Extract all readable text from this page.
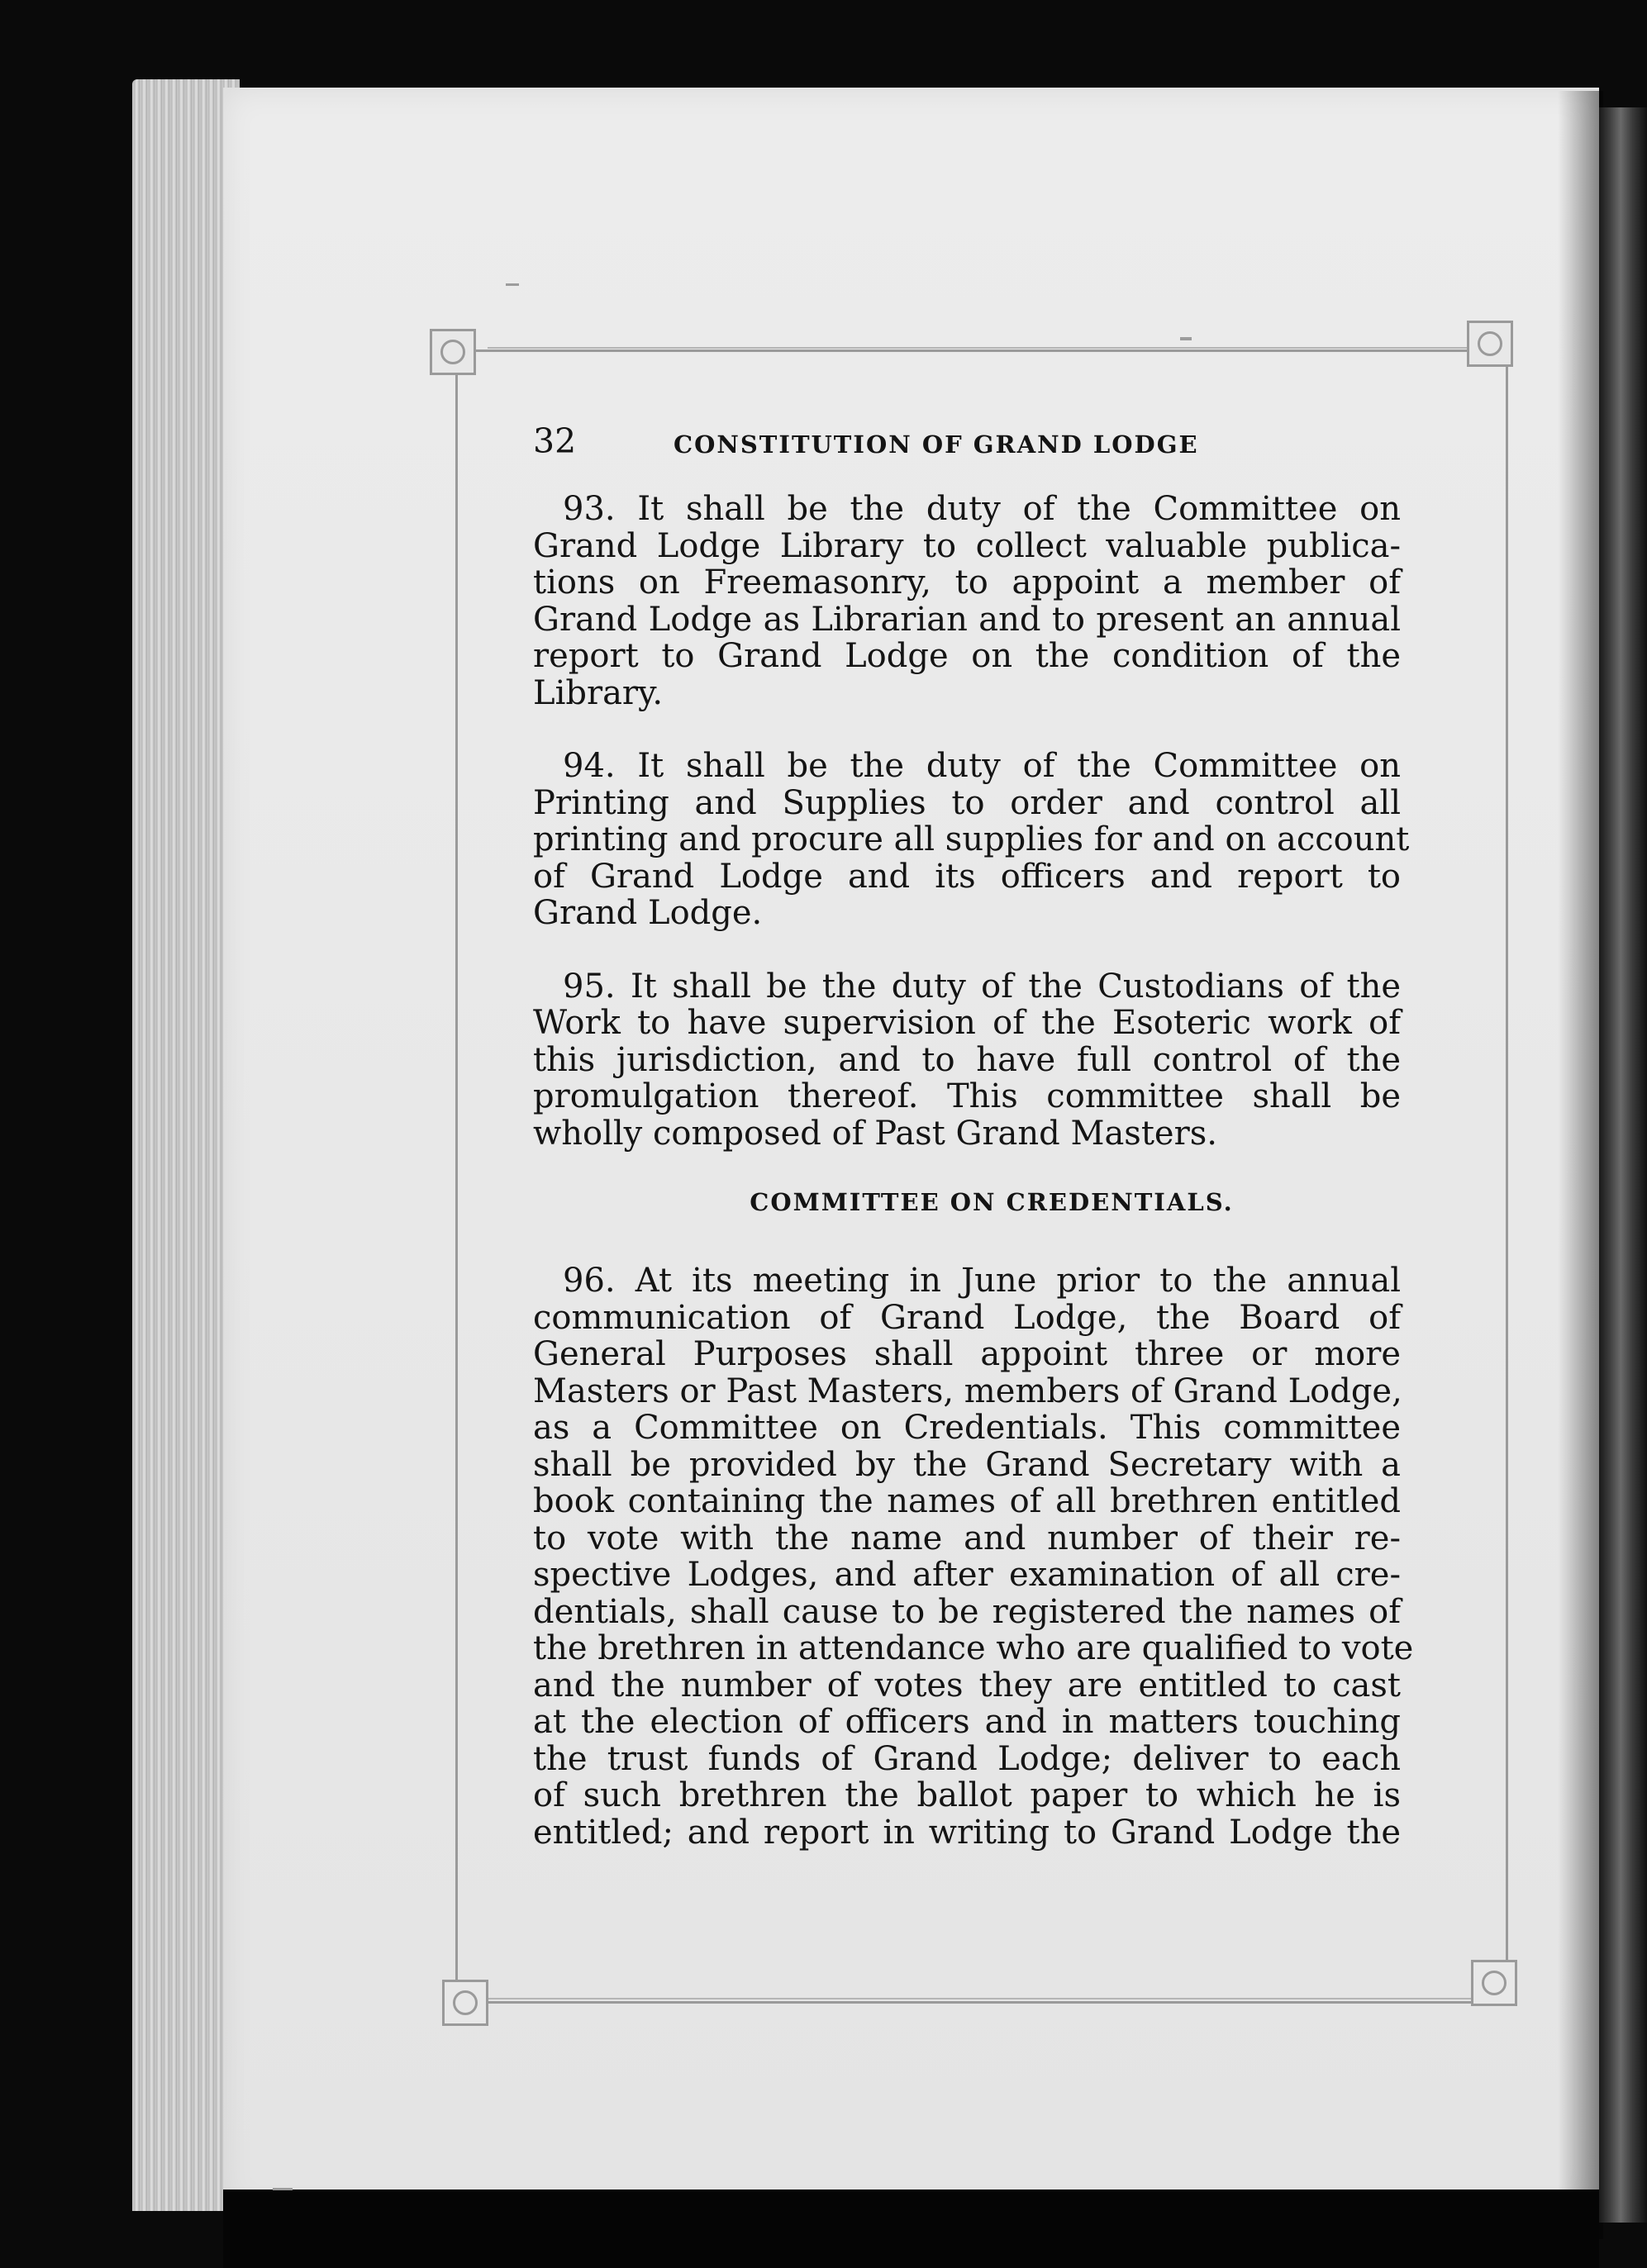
32	CONSTITUTION OF GRAND LODGE
93. It shall be the duty of the Committee on
Grand Lodge Library to collect valuable publica-
tions on Freemasonry, to appoint a member of
Grand Lodge as Librarian and to present an annual
report to Grand Lodge on the condition of the
Library.
94. It shall be the duty of the Committee on
Printing and Supplies to order and control all
printing and procure all supplies for and on account
of Grand Lodge and its officers and report to
Grand Lodge.
95. It shall be the duty of the Custodians of the
Work to have supervision of the Esoteric work of
this jurisdiction, and to have full control of the
promulgation thereof. This committee shall be
wholly composed of Past Grand Masters.
COMMITTEE ON CREDENTIALS.
96. At its meeting in June prior to the annual
communication of Grand Lodge, the Board of
General Purposes shall appoint three or more
Masters or Past Masters, members of Grand Lodge,
as a Committee on Credentials. This committee
shall be provided by the Grand Secretary with a
book containing the names of all brethren entitled
to vote with the name and number of their re-
spective Lodges, and after examination of all cre-
dentials, shall cause to be registered the names of
the brethren in attendance who are qualified to vote
and the number of votes they are entitled to cast
at the election of officers and in matters touching
the trust funds of Grand Lodge; deliver to each
of such brethren the ballot paper to which he is
entitled; and report in writing to Grand Lodge the
